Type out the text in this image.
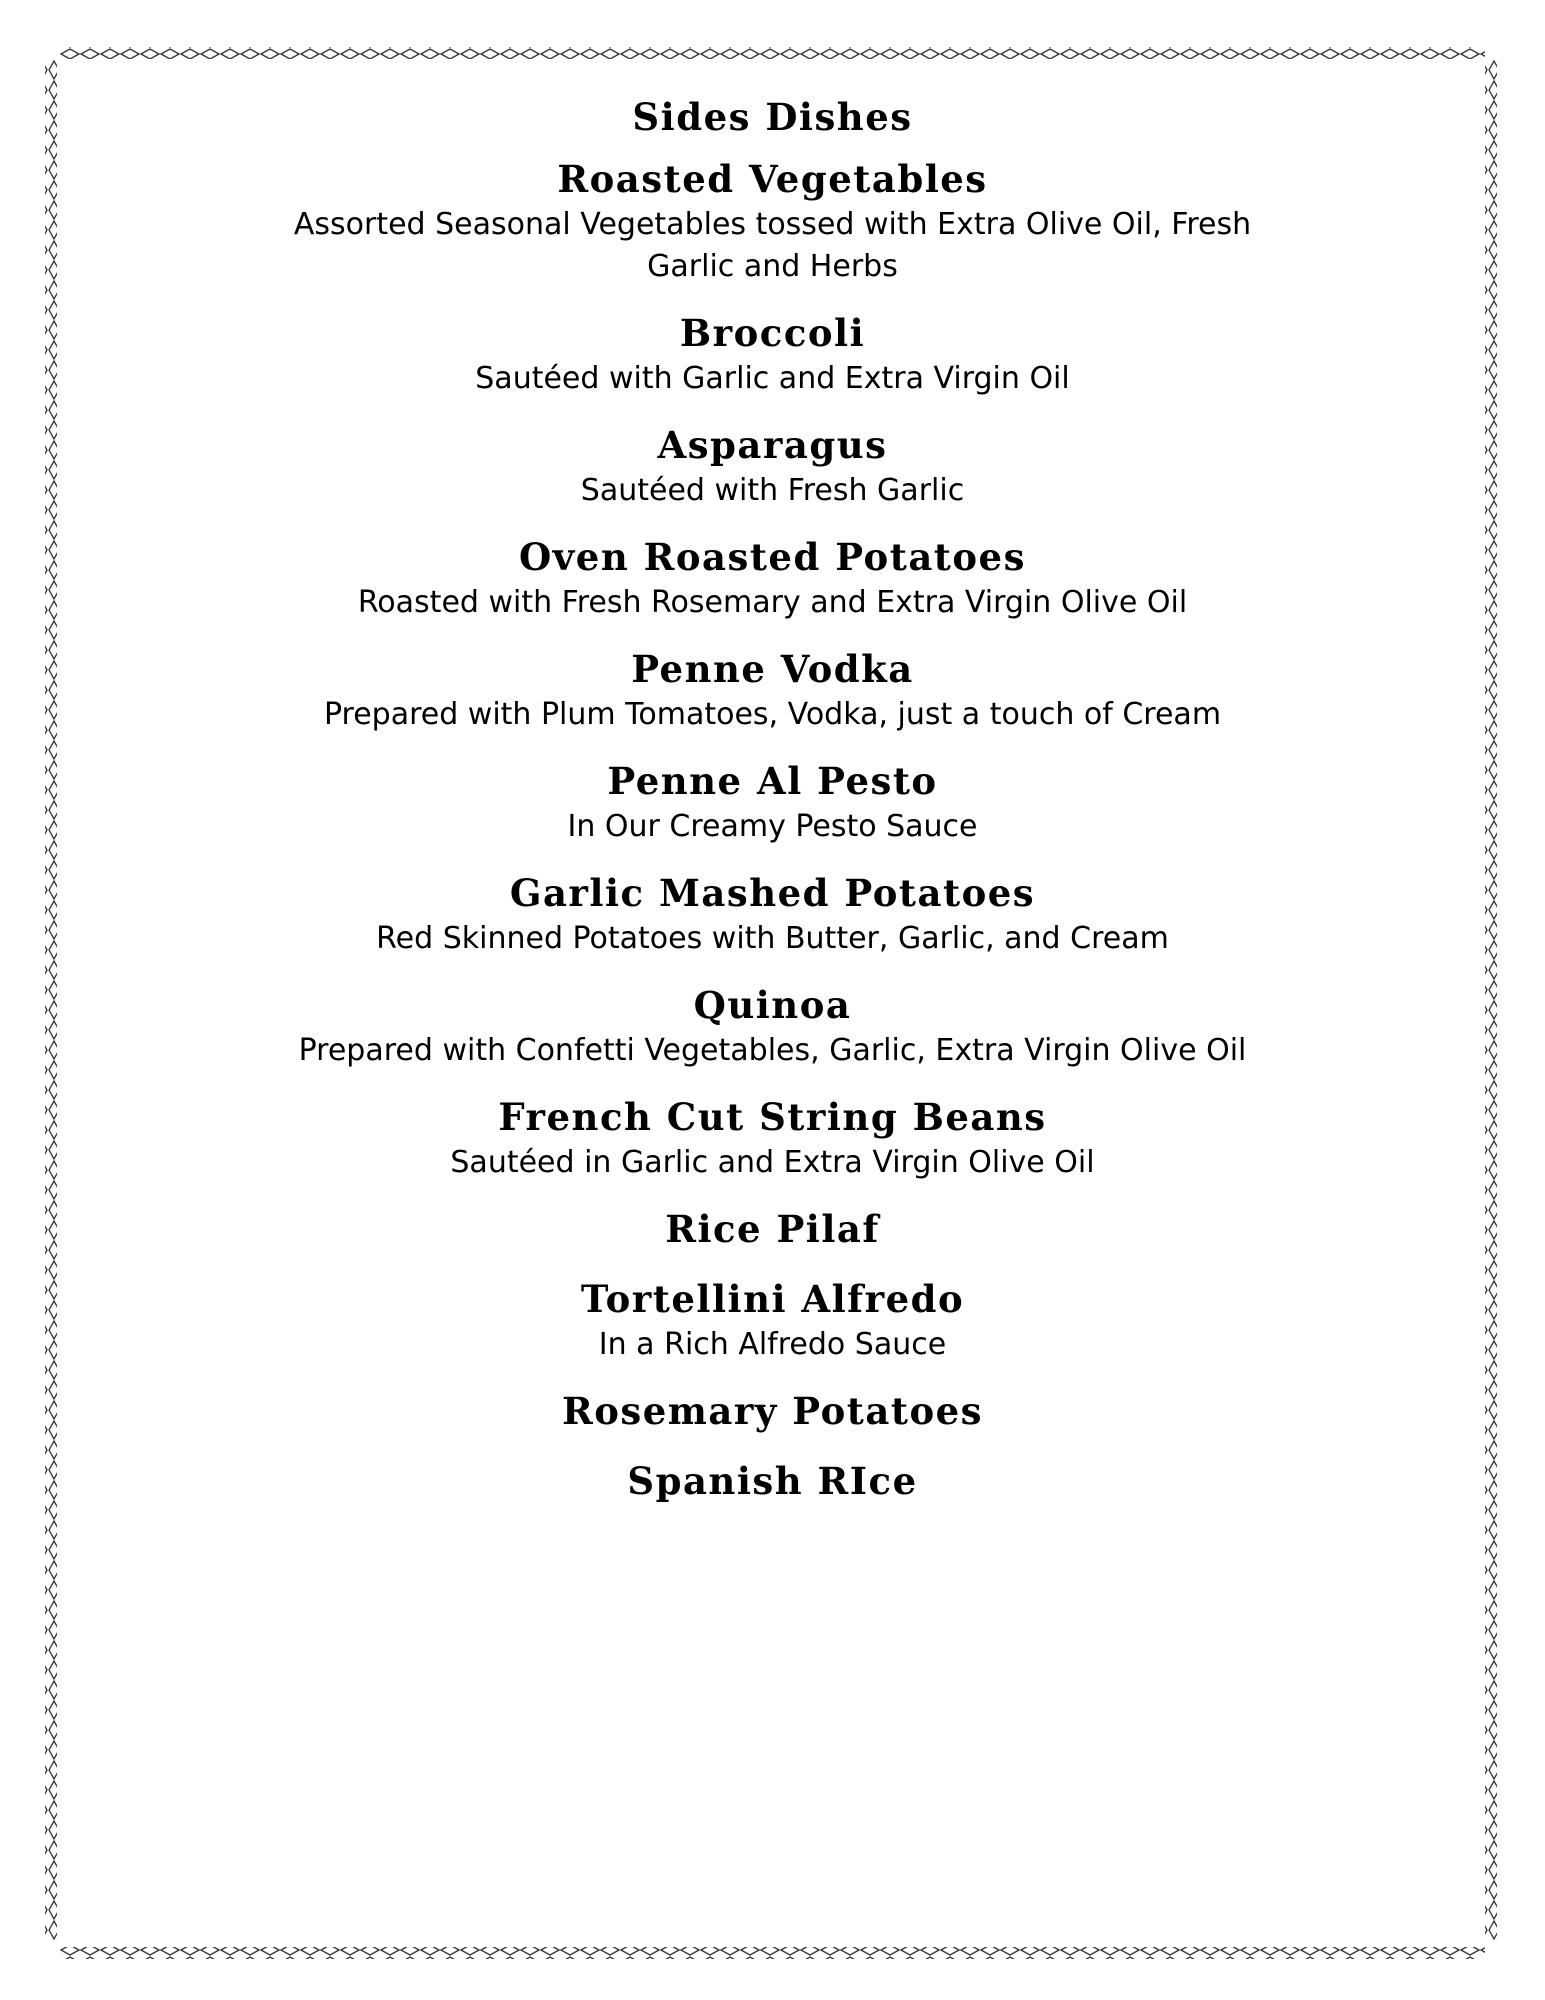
Sides Dishes
Roasted Vegetables
Assorted Seasonal Vegetables tossed with Extra Olive Oil, Fresh Garlic and Herbs
Broccoli
Sautéed with Garlic and Extra Virgin Oil
Asparagus
Sautéed with Fresh Garlic
Oven Roasted Potatoes
Roasted with Fresh Rosemary and Extra Virgin Olive Oil
Penne Vodka
Prepared with Plum Tomatoes, Vodka, just a touch of Cream
Penne Al Pesto
In Our Creamy Pesto Sauce
Garlic Mashed Potatoes
Red Skinned Potatoes with Butter, Garlic, and Cream
Quinoa
Prepared with Confetti Vegetables, Garlic, Extra Virgin Olive Oil
French Cut String Beans
Sautéed in Garlic and Extra Virgin Olive Oil
Rice Pilaf
Tortellini Alfredo
In a Rich Alfredo Sauce
Rosemary Potatoes
Spanish RIce
